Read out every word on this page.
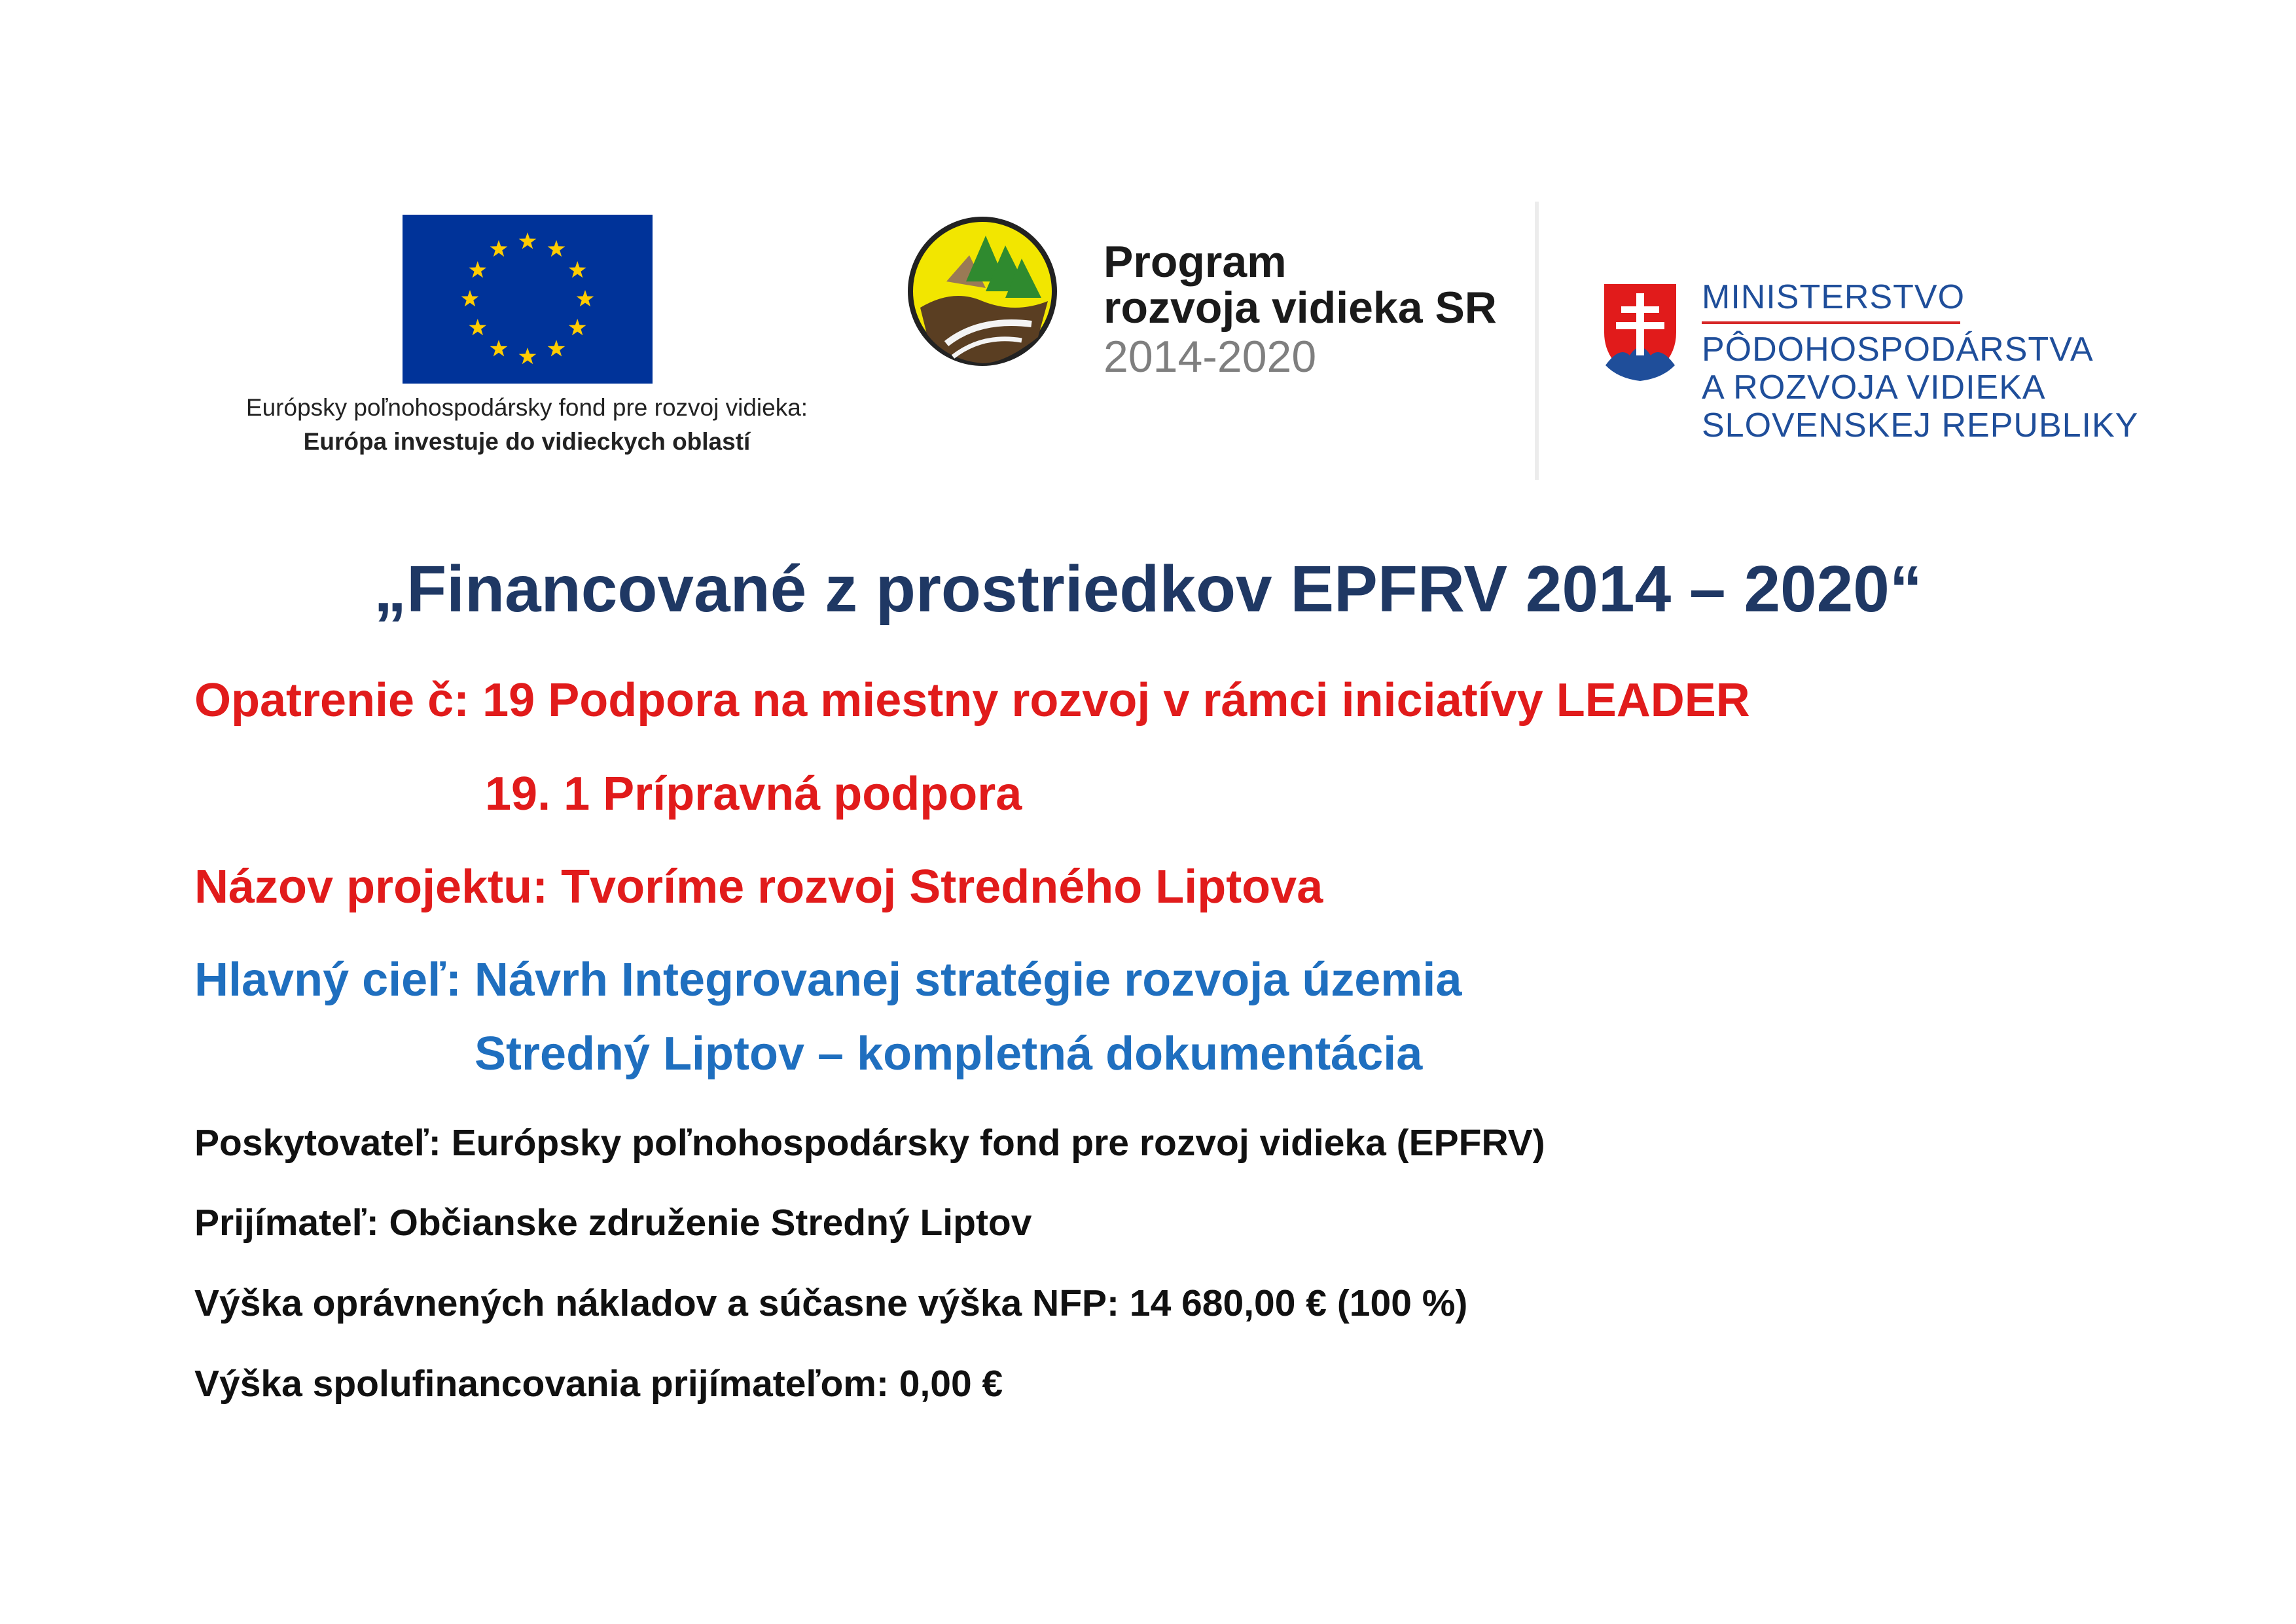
Európsky poľnohospodársky fond pre rozvoj vidieka:
Európa investuje do vidieckych oblastí
Program
rozvoja vidieka SR
2014-2020
MINISTERSTVO
PÔDOHOSPODÁRSTVA
A ROZVOJA VIDIEKA
SLOVENSKEJ REPUBLIKY
„Financované z prostriedkov EPFRV 2014 – 2020“
Opatrenie č: 19 Podpora na miestny rozvoj v rámci iniciatívy LEADER
19. 1 Prípravná podpora
Názov projektu: Tvoríme rozvoj Stredného Liptova
Hlavný cieľ: Návrh Integrovanej stratégie rozvoja územia
Stredný Liptov – kompletná dokumentácia
Poskytovateľ: Európsky poľnohospodársky fond pre rozvoj vidieka (EPFRV)
Prijímateľ: Občianske združenie Stredný Liptov
Výška oprávnených nákladov a súčasne výška NFP: 14 680,00 € (100 %)
Výška spolufinancovania prijímateľom: 0,00 €
